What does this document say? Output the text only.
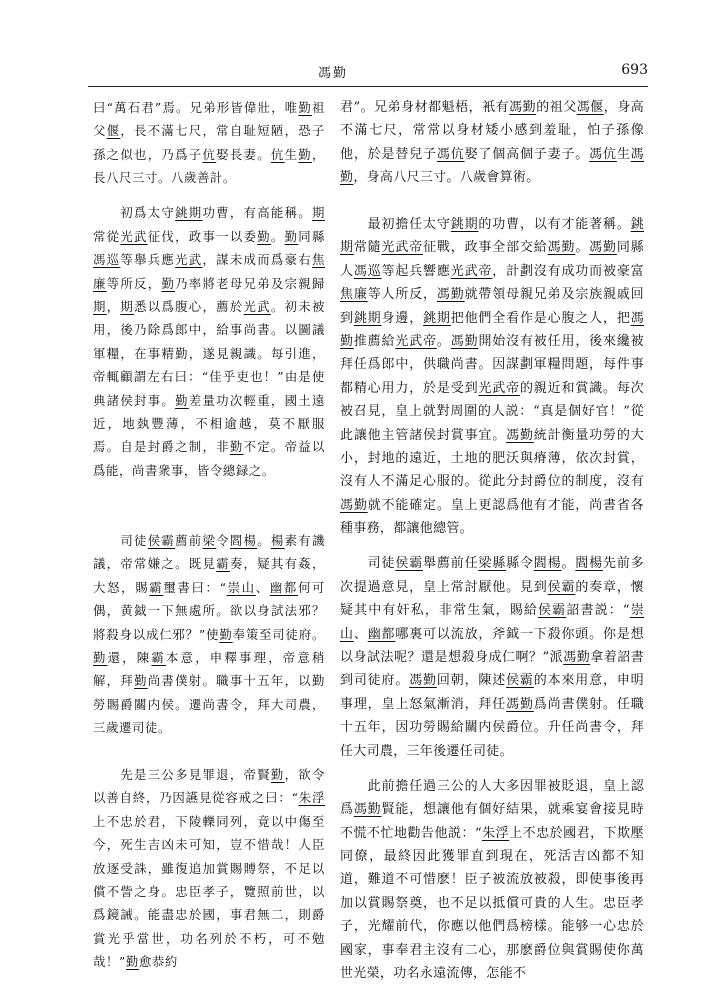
馮勤	693
曰“萬石君”焉。兄弟形皆偉壯，唯勤祖父偃，長不滿七尺，常自耻短陋，恐子孫之似也，乃爲子伉娶長妻。伉生勤，長八尺三寸。八歲善計。
　　初爲太守銚期功曹，有高能稱。期常從光武征伐，政事一以委勤。勤同縣馮巡等舉兵應光武，謀未成而爲豪右焦廉等所反，勤乃率將老母兄弟及宗親歸期，期悉以爲腹心，薦於光武。初未被用，後乃除爲郎中，給事尚書。以圖議軍糧，在事精勤，遂見親識。每引進，帝輒顧謂左右曰：“佳乎吏也！”由是使典諸侯封事。勤差量功次輕重，國土遠近，地埶豐薄，不相逾越，莫不厭服焉。自是封爵之制，非勤不定。帝益以爲能，尚書衆事，皆令總録之。
　　司徒侯霸薦前梁令閻楊。楊素有譏議，帝常嫌之。既見霸奏，疑其有姦，大怒，賜霸璽書曰：“崇山、幽都何可偶，黄鉞一下無處所。欲以身試法邪？將殺身以成仁邪？”使勤奉策至司徒府。勤還，陳霸本意，申釋事理，帝意稍解，拜勤尚書僕射。職事十五年，以勤勞賜爵關内侯。遷尚書令，拜大司農，三歲遷司徒。
　　先是三公多見罪退，帝賢勤，欲令以善自終，乃因讌見從容戒之曰：“朱浮上不忠於君，下陵轢同列，竟以中傷至今，死生吉凶未可知，豈不惜哉！人臣放逐受誅，雖復追加賞賜賻祭，不足以償不訾之身。忠臣孝子，覽照前世，以爲鏡誡。能盡忠於國，事君無二，則爵賞光乎當世，功名列於不朽，可不勉哉！”勤愈恭約
君”。兄弟身材都魁梧，衹有馮勤的祖父馮偃，身高不滿七尺，常常以身材矮小感到羞耻，怕子孫像他，於是替兒子馮伉娶了個高個子妻子。馮伉生馮勤，身高八尺三寸。八歲會算術。
　　最初擔任太守銚期的功曹，以有才能著稱。銚期常隨光武帝征戰，政事全部交給馮勤。馮勤同縣人馮巡等起兵響應光武帝，計劃沒有成功而被豪富焦廉等人所反，馮勤就帶領母親兄弟及宗族親戚回到銚期身邊，銚期把他們全看作是心腹之人，把馮勤推薦給光武帝。馮勤開始沒有被任用，後來纔被拜任爲郎中，供職尚書。因謀劃軍糧問題，每件事都精心用力，於是受到光武帝的親近和賞識。每次被召見，皇上就對周圍的人説：“真是個好官！”從此讓他主管諸侯封賞事宜。馮勤統計衡量功勞的大小，封地的遠近，土地的肥沃與瘠薄，依次封賞，沒有人不滿足心服的。從此分封爵位的制度，沒有馮勤就不能確定。皇上更認爲他有才能，尚書省各種事務，都讓他總管。
　　司徒侯霸舉薦前任梁縣縣令閻楊。閻楊先前多次提過意見，皇上常討厭他。見到侯霸的奏章，懷疑其中有奸私，非常生氣，賜給侯霸詔書説：“崇山、幽都哪裏可以流放，斧鉞一下殺你頭。你是想以身試法呢？還是想殺身成仁啊？”派馮勤拿着詔書到司徒府。馮勤回朝，陳述侯霸的本來用意，申明事理，皇上怒氣漸消，拜任馮勤爲尚書僕射。任職十五年，因功勞賜給關内侯爵位。升任尚書令，拜任大司農，三年後遷任司徒。
　　此前擔任過三公的人大多因罪被貶退，皇上認爲馮勤賢能，想讓他有個好結果，就乘宴會接見時不慌不忙地勸告他説：“朱浮上不忠於國君，下欺壓同僚，最終因此獲罪直到現在，死活吉凶都不知道，難道不可惜麽！臣子被流放被殺，即使事後再加以賞賜祭奠，也不足以抵償可貴的人生。忠臣孝子，光耀前代，你應以他們爲榜樣。能够一心忠於國家，事奉君主沒有二心，那麽爵位與賞賜使你萬世光榮，功名永遠流傳，怎能不
